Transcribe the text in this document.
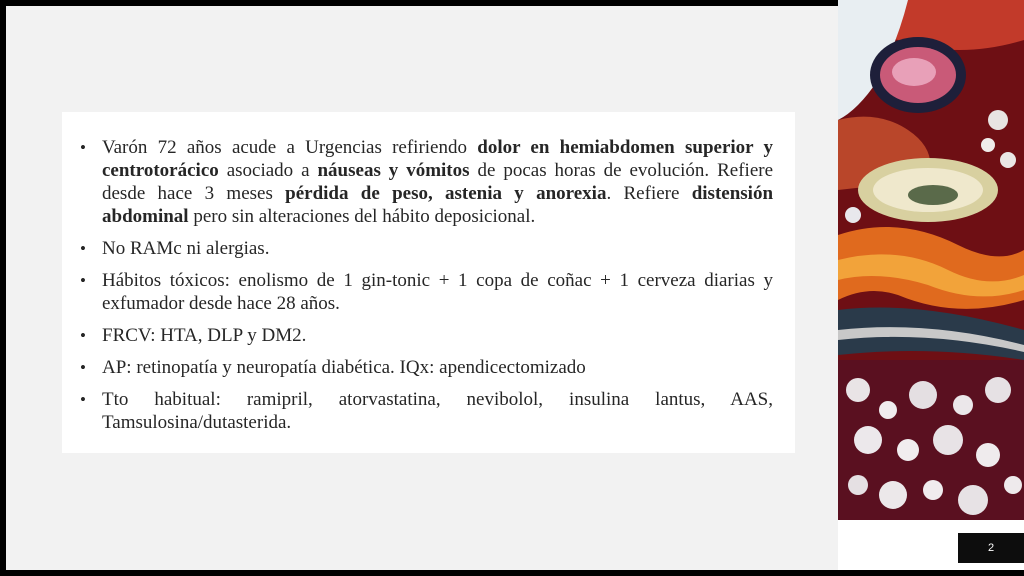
• Varón 72 años acude a Urgencias refiriendo dolor en hemiabdomen superior y centrotorácico asociado a náuseas y vómitos de pocas horas de evolución. Refiere desde hace 3 meses pérdida de peso, astenia y anorexia. Refiere distensión abdominal pero sin alteraciones del hábito deposicional.
• No RAMc ni alergias.
• Hábitos tóxicos: enolismo de 1 gin-tonic + 1 copa de coñac + 1 cerveza diarias y exfumador desde hace 28 años.
• FRCV: HTA, DLP y DM2.
• AP: retinopatía y neuropatía diabética. IQx: apendicectomizado
• Tto habitual: ramipril, atorvastatina, nevibolol, insulina lantus, AAS, Tamsulosina/dutasterida.
2
